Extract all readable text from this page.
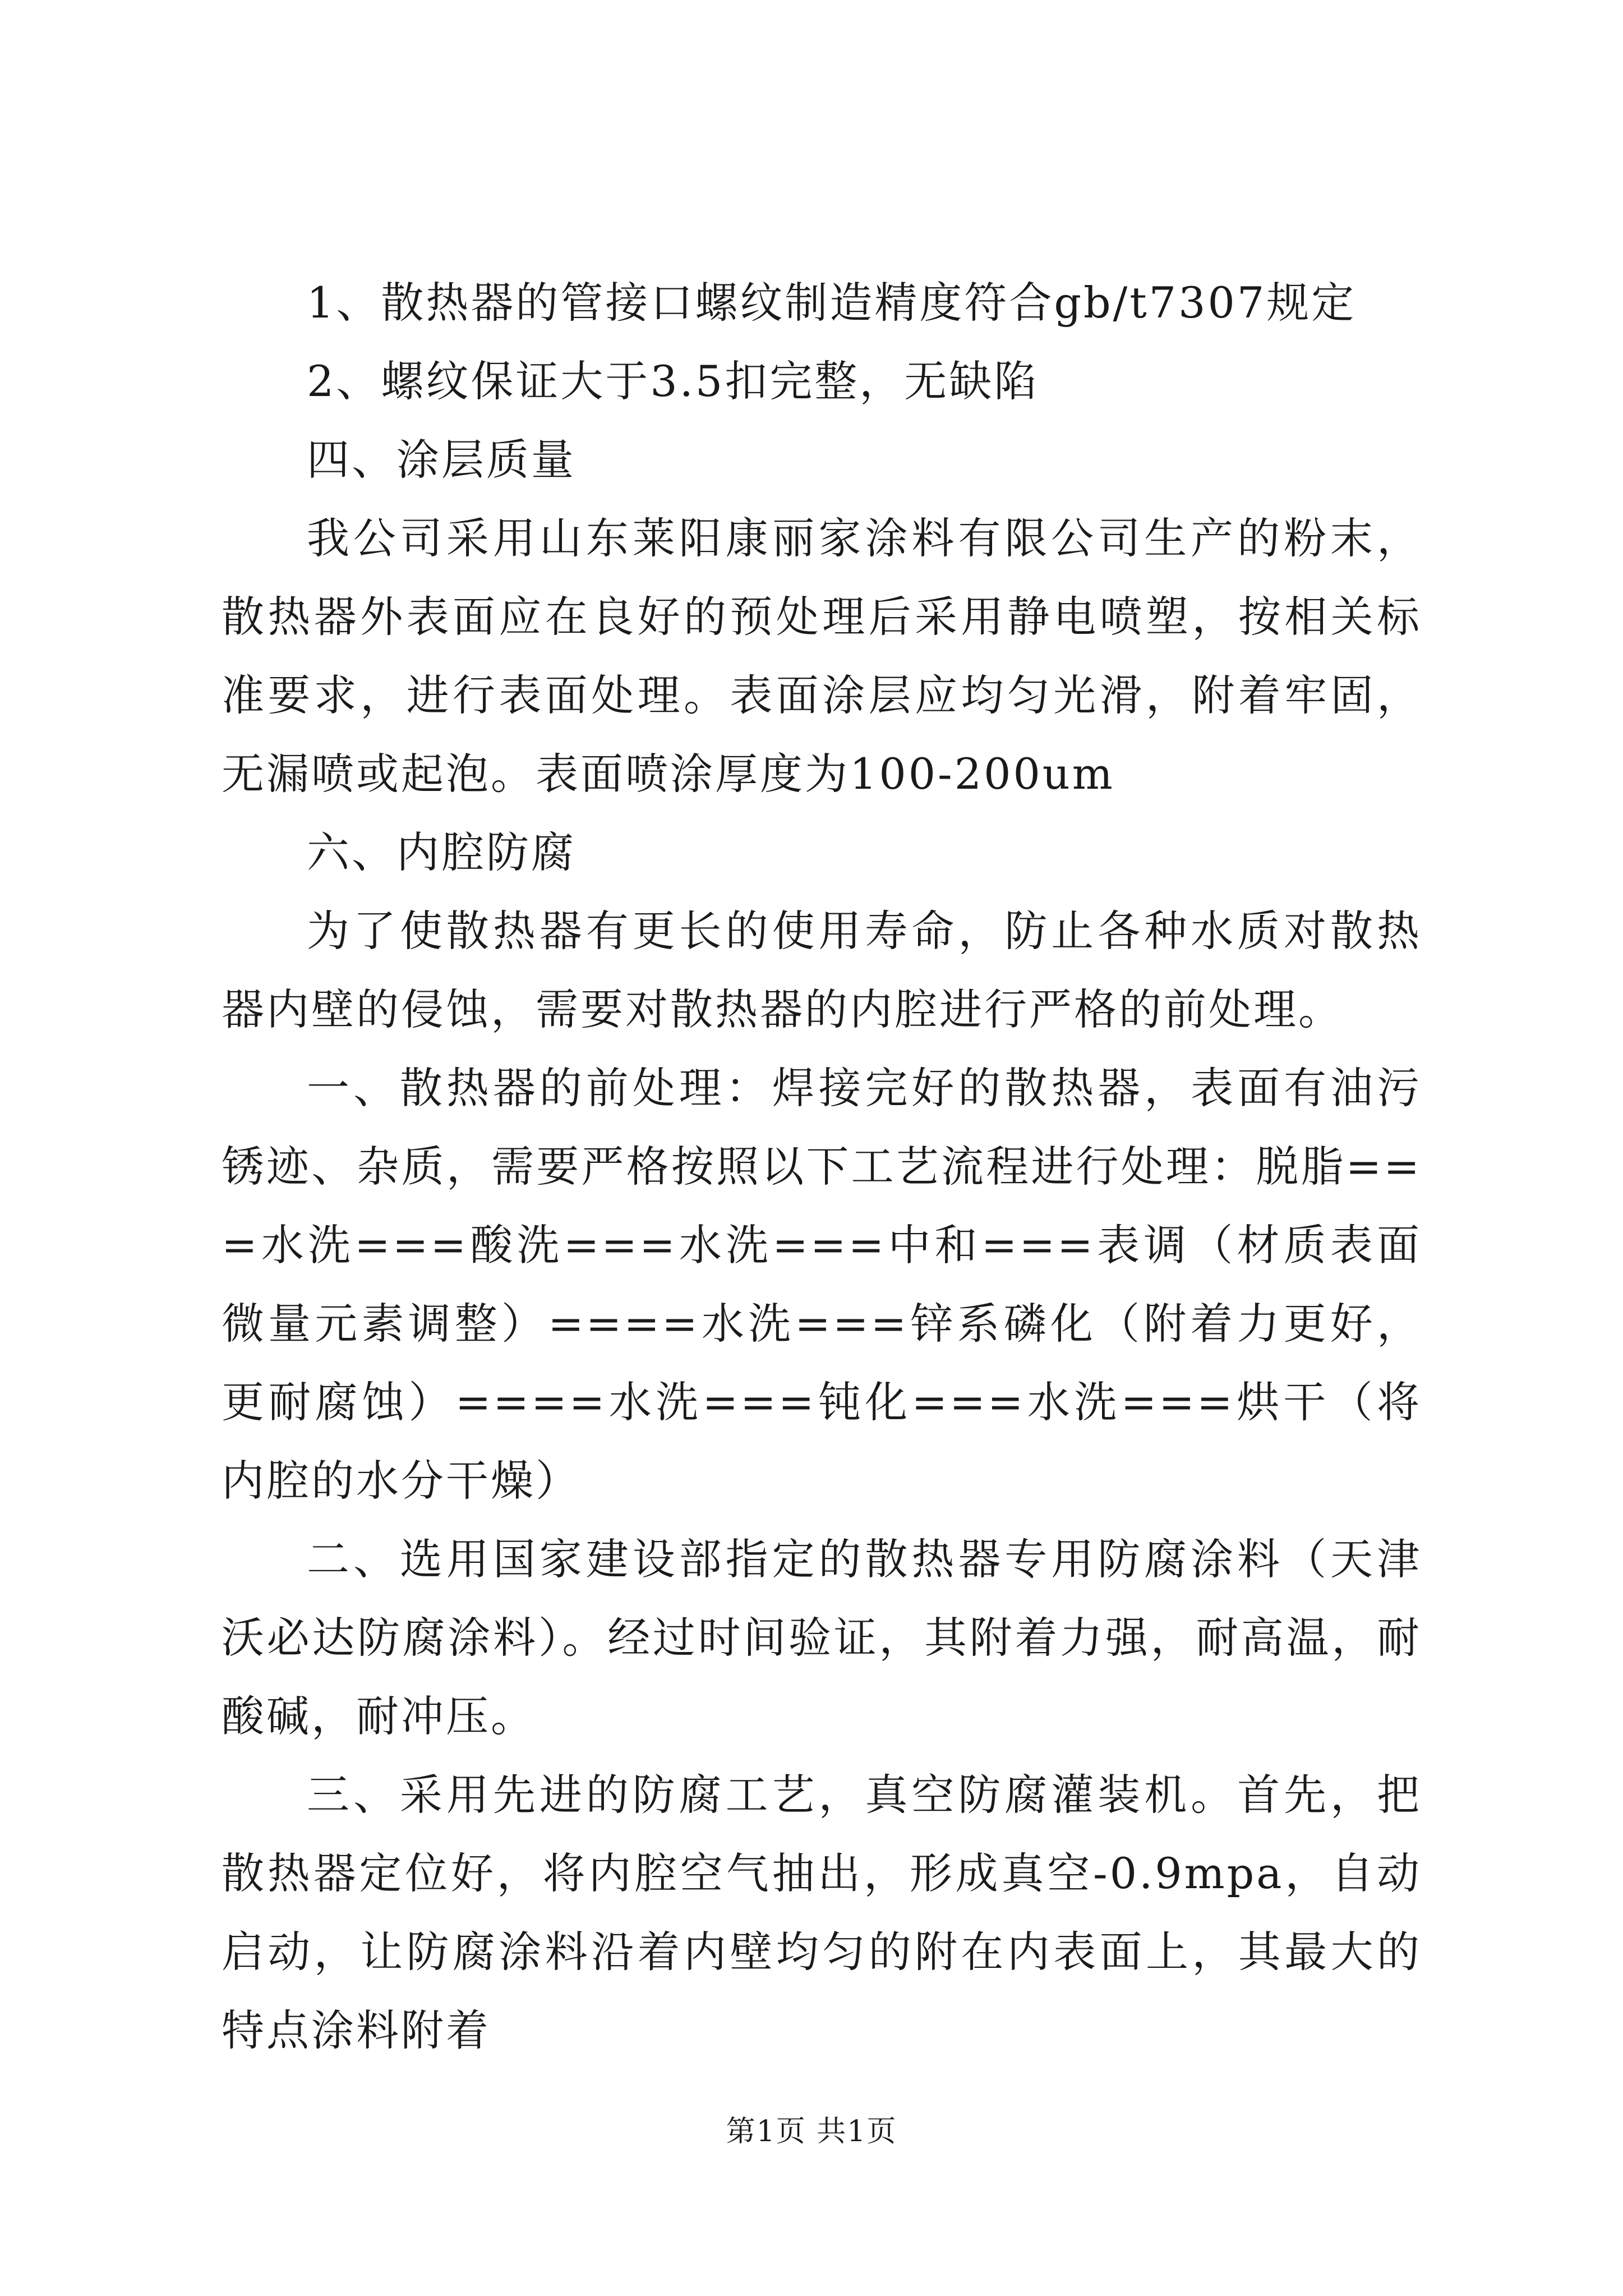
1、散热器的管接口螺纹制造精度符合gb/t7307规定

2、螺纹保证大于3.5扣完整，无缺陷

四、涂层质量

我公司采用山东莱阳康丽家涂料有限公司生产的粉末，散热器外表面应在良好的预处理后采用静电喷塑，按相关标准要求，进行表面处理。表面涂层应均匀光滑，附着牢固，无漏喷或起泡。表面喷涂厚度为100-200um

六、内腔防腐

为了使散热器有更长的使用寿命，防止各种水质对散热器内壁的侵蚀，需要对散热器的内腔进行严格的前处理。

一、散热器的前处理：焊接完好的散热器，表面有油污锈迹、杂质，需要严格按照以下工艺流程进行处理：脱脂===水洗===酸洗===水洗===中和===表调（材质表面微量元素调整）====水洗===锌系磷化（附着力更好，更耐腐蚀）====水洗===钝化===水洗===烘干（将内腔的水分干燥）

二、选用国家建设部指定的散热器专用防腐涂料（天津沃必达防腐涂料）。经过时间验证，其附着力强，耐高温，耐酸碱，耐冲压。

三、采用先进的防腐工艺，真空防腐灌装机。首先，把散热器定位好，将内腔空气抽出，形成真空-0.9mpa，自动启动，让防腐涂料沿着内壁均匀的附在内表面上，其最大的特点涂料附着

第1页 共1页
